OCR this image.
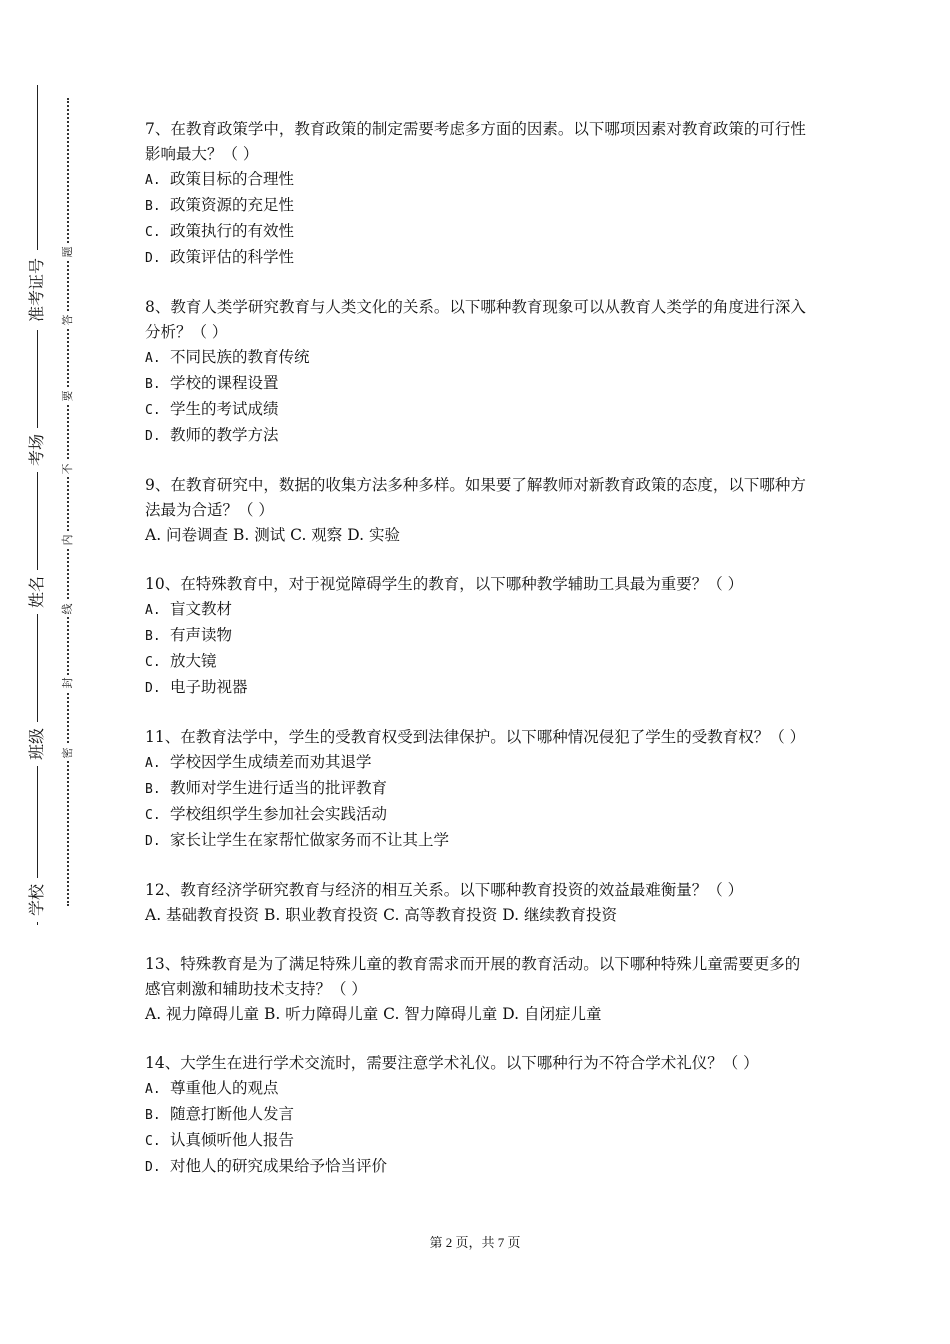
准考证号
考场
姓名
班级
学校
题
答
要
不
内
线
封
密

7、在教育政策学中，教育政策的制定需要考虑多方面的因素。以下哪项因素对教育政策的可行性影响最大？（ ）

A. 政策目标的合理性

B. 政策资源的充足性

C. 政策执行的有效性

D. 政策评估的科学性

8、教育人类学研究教育与人类文化的关系。以下哪种教育现象可以从教育人类学的角度进行深入分析？（ ）

A. 不同民族的教育传统

B. 学校的课程设置

C. 学生的考试成绩

D. 教师的教学方法

9、在教育研究中，数据的收集方法多种多样。如果要了解教师对新教育政策的态度，以下哪种方法最为合适？（ ）

A. 问卷调查 B. 测试 C. 观察 D. 实验

10、在特殊教育中，对于视觉障碍学生的教育，以下哪种教学辅助工具最为重要？（ ）

A. 盲文教材

B. 有声读物

C. 放大镜

D. 电子助视器

11、在教育法学中，学生的受教育权受到法律保护。以下哪种情况侵犯了学生的受教育权？（ ）

A. 学校因学生成绩差而劝其退学

B. 教师对学生进行适当的批评教育

C. 学校组织学生参加社会实践活动

D. 家长让学生在家帮忙做家务而不让其上学

12、教育经济学研究教育与经济的相互关系。以下哪种教育投资的效益最难衡量？（ ）

A. 基础教育投资 B. 职业教育投资 C. 高等教育投资 D. 继续教育投资

13、特殊教育是为了满足特殊儿童的教育需求而开展的教育活动。以下哪种特殊儿童需要更多的感官刺激和辅助技术支持？（ ）

A. 视力障碍儿童 B. 听力障碍儿童 C. 智力障碍儿童 D. 自闭症儿童

14、大学生在进行学术交流时，需要注意学术礼仪。以下哪种行为不符合学术礼仪？（ ）

A. 尊重他人的观点

B. 随意打断他人发言

C. 认真倾听他人报告

D. 对他人的研究成果给予恰当评价

第 2 页，共 7 页
